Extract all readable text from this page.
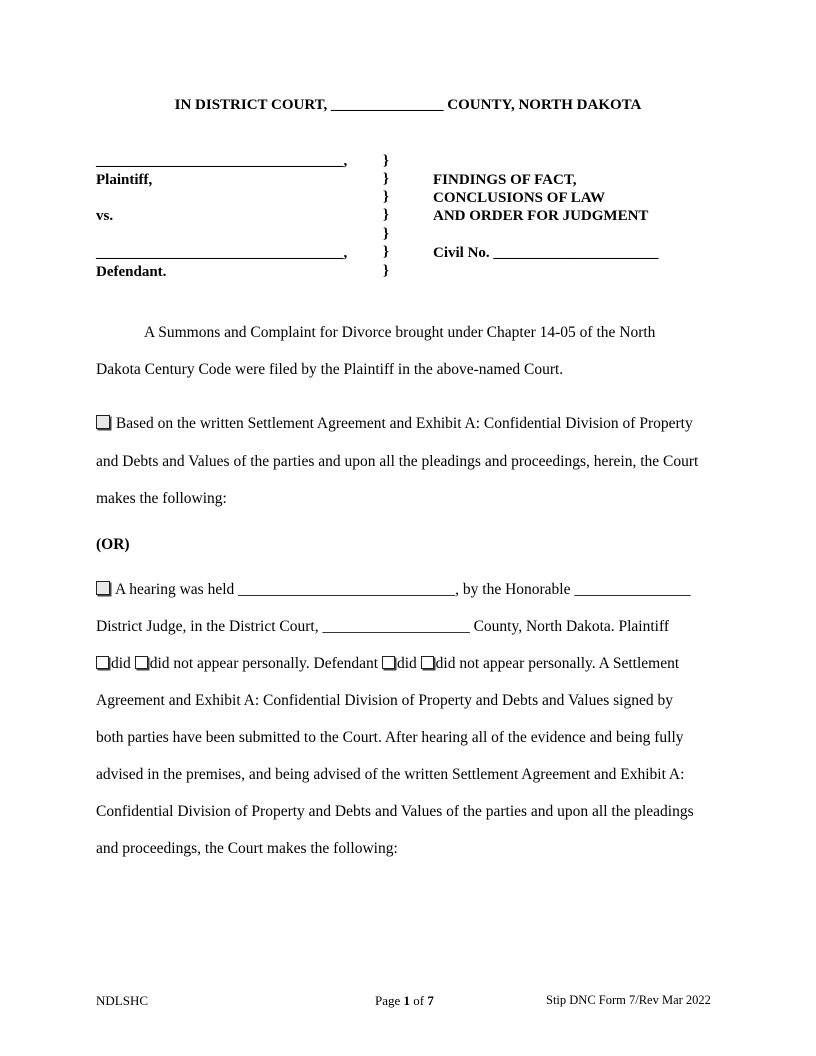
IN DISTRICT COURT, _______________ COUNTY, NORTH DAKOTA
_________________________________,
Plaintiff,
vs.
_________________________________,
Defendant.
}
}
}
}
}
}
}
FINDINGS OF FACT,
CONCLUSIONS OF LAW
AND ORDER FOR JUDGMENT
Civil No. ______________________
A Summons and Complaint for Divorce brought under Chapter 14-05 of the North
Dakota Century Code were filed by the Plaintiff in the above-named Court.
Based on the written Settlement Agreement and Exhibit A: Confidential Division of Property
and Debts and Values of the parties and upon all the pleadings and proceedings, herein, the Court
makes the following:
(OR)
A hearing was held ____________________________, by the Honorable _______________
District Judge, in the District Court, ___________________ County, North Dakota. Plaintiff
did did not appear personally. Defendant did did not appear personally. A Settlement
Agreement and Exhibit A: Confidential Division of Property and Debts and Values signed by
both parties have been submitted to the Court. After hearing all of the evidence and being fully
advised in the premises, and being advised of the written Settlement Agreement and Exhibit A:
Confidential Division of Property and Debts and Values of the parties and upon all the pleadings
and proceedings, the Court makes the following:
NDLSHC	Page 1 of 7	Stip DNC Form 7/Rev Mar 2022
